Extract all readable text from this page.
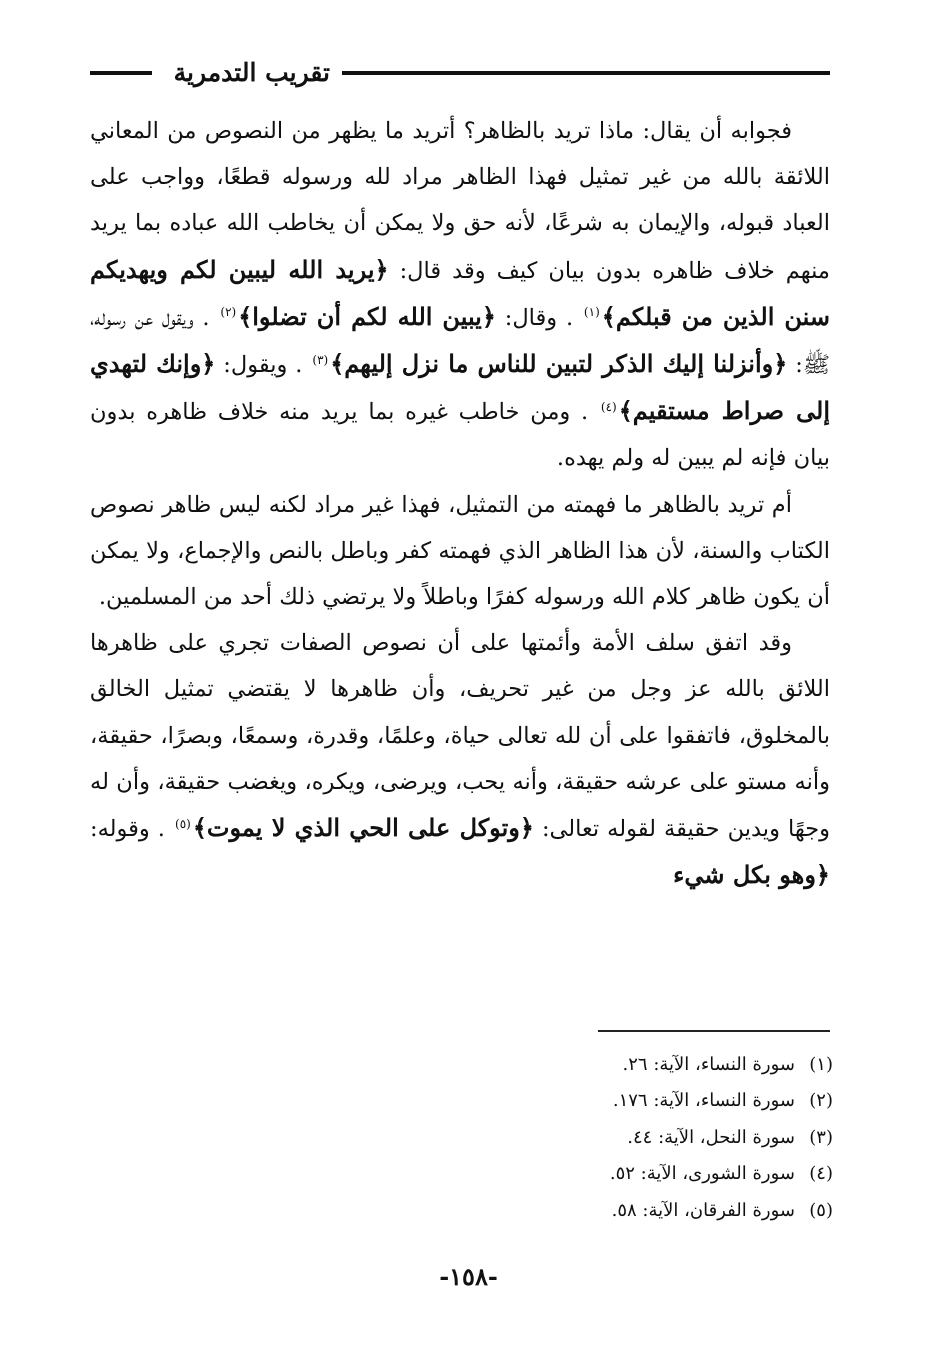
تقريب التدمرية

فجوابه أن يقال: ماذا تريد بالظاهر؟ أتريد ما يظهر من النصوص من المعاني اللائقة بالله من غير تمثيل فهذا الظاهر مراد لله ورسوله قطعًا، وواجب على العباد قبوله، والإيمان به شرعًا، لأنه حق ولا يمكن أن يخاطب الله عباده بما يريد منهم خلاف ظاهره بدون بيان كيف وقد قال: ﴿يريد الله ليبين لكم ويهديكم سنن الذين من قبلكم﴾$^{(١)}$ . وقال: ﴿يبين الله لكم أن تضلوا﴾$^{(٢)}$ . ويقول عن رسوله، ﷺ: ﴿وأنزلنا إليك الذكر لتبين للناس ما نزل إليهم﴾$^{(٣)}$ . ويقول: ﴿وإنك لتهدي إلى صراط مستقيم﴾$^{(٤)}$ . ومن خاطب غيره بما يريد منه خلاف ظاهره بدون بيان فإنه لم يبين له ولم يهده.

أم تريد بالظاهر ما فهمته من التمثيل، فهذا غير مراد لكنه ليس ظاهر نصوص الكتاب والسنة، لأن هذا الظاهر الذي فهمته كفر وباطل بالنص والإجماع، ولا يمكن أن يكون ظاهر كلام الله ورسوله كفرًا وباطلاً ولا يرتضي ذلك أحد من المسلمين.

وقد اتفق سلف الأمة وأئمتها على أن نصوص الصفات تجري على ظاهرها اللائق بالله عز وجل من غير تحريف، وأن ظاهرها لا يقتضي تمثيل الخالق بالمخلوق، فاتفقوا على أن لله تعالى حياة، وعلمًا، وقدرة، وسمعًا، وبصرًا، حقيقة، وأنه مستو على عرشه حقيقة، وأنه يحب، ويرضى، ويكره، ويغضب حقيقة، وأن له وجهًا ويدين حقيقة لقوله تعالى: ﴿وتوكل على الحي الذي لا يموت﴾$^{(٥)}$ . وقوله: ﴿وهو بكل شيء

(١)سورة النساء، الآية: ٢٦.
(٢)سورة النساء، الآية: ١٧٦.
(٣)سورة النحل، الآية: ٤٤.
(٤)سورة الشورى، الآية: ٥٢.
(٥)سورة الفرقان، الآية: ٥٨.
-١٥٨-
